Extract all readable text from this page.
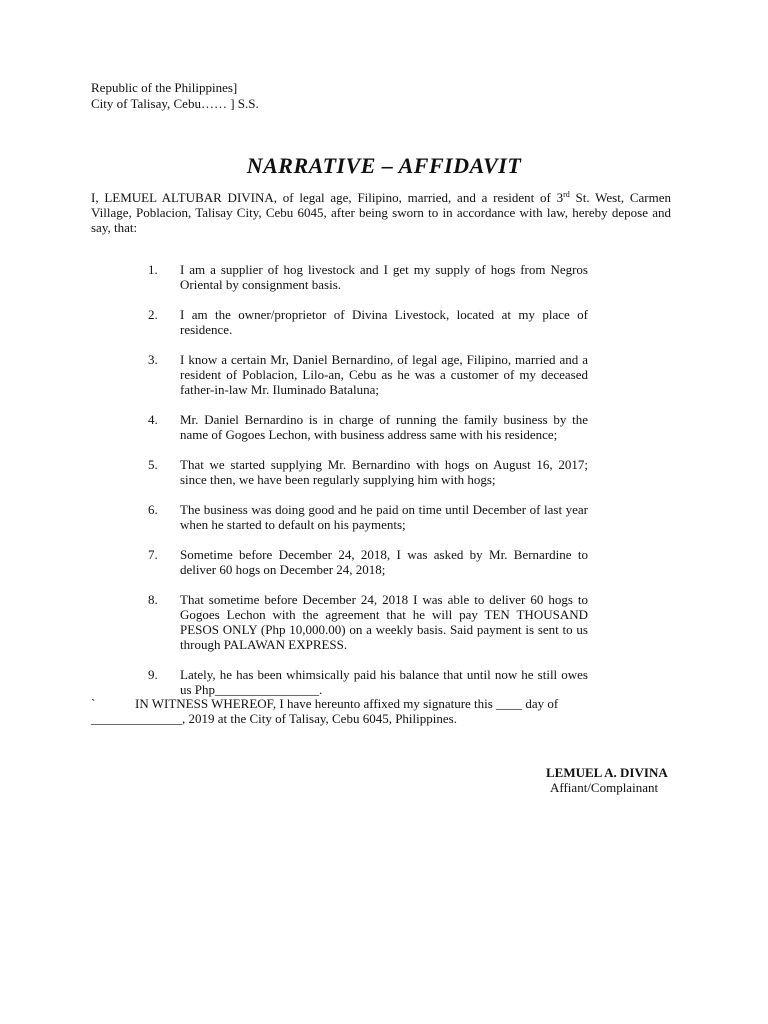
Republic of the Philippines]
City of Talisay, Cebu…… ] S.S.
NARRATIVE – AFFIDAVIT
I, LEMUEL ALTUBAR DIVINA, of legal age, Filipino, married, and a resident of 3rd St. West, Carmen Village, Poblacion, Talisay City, Cebu 6045, after being sworn to in accordance with law, hereby depose and say, that:
1.	I am a supplier of hog livestock and I get my supply of hogs from Negros Oriental by consignment basis.
2.	I am the owner/proprietor of Divina Livestock, located at my place of residence.
3.	I know a certain Mr, Daniel Bernardino, of legal age, Filipino, married and a resident of Poblacion, Lilo-an, Cebu as he was a customer of my deceased father-in-law Mr. Iluminado Bataluna;
4.	Mr. Daniel Bernardino is in charge of running the family business by the name of Gogoes Lechon, with business address same with his residence;
5.	That we started supplying Mr. Bernardino with hogs on August 16, 2017; since then, we have been regularly supplying him with hogs;
6.	The business was doing good and he paid on time until December of last year when he started to default on his payments;
7.	Sometime before December 24, 2018, I was asked by Mr. Bernardine to deliver 60 hogs on December 24, 2018;
8.	That sometime before December 24, 2018 I was able to deliver 60 hogs to Gogoes Lechon with the agreement that he will pay TEN THOUSAND PESOS ONLY (Php 10,000.00) on a weekly basis. Said payment is sent to us through PALAWAN EXPRESS.
9.	Lately, he has been whimsically paid his balance that until now he still owes us Php________________.
`	IN WITNESS WHEREOF, I have hereunto affixed my signature this ____ day of
______________, 2019 at the City of Talisay, Cebu 6045, Philippines.
LEMUEL A. DIVINA
Affiant/Complainant
